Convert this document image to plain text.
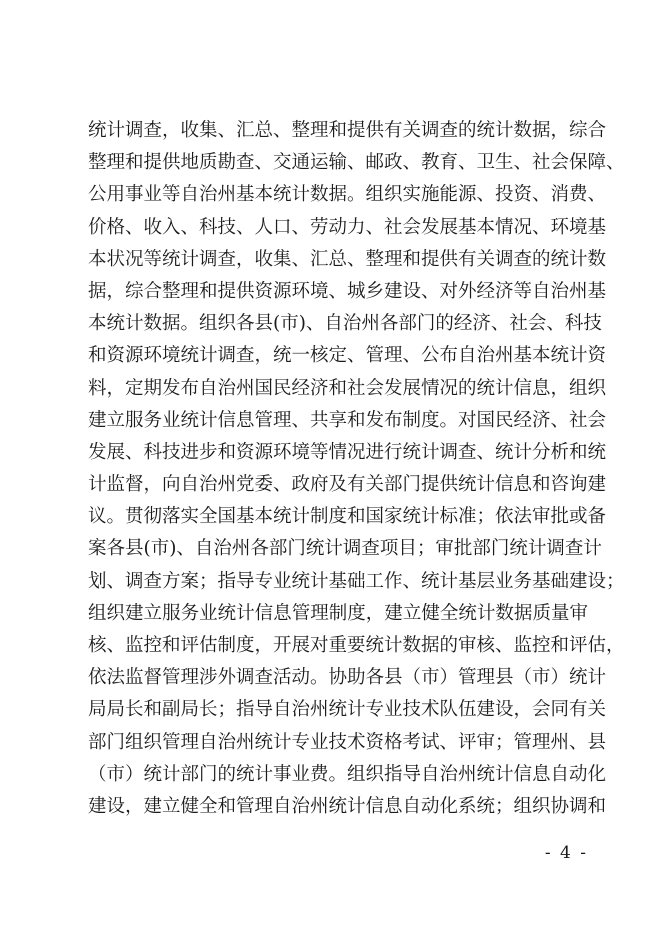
统计调查，收集、汇总、整理和提供有关调查的统计数据，综合
整理和提供地质勘查、交通运输、邮政、教育、卫生、社会保障、
公用事业等自治州基本统计数据。组织实施能源、投资、消费、
价格、收入、科技、人口、劳动力、社会发展基本情况、环境基
本状况等统计调查，收集、汇总、整理和提供有关调查的统计数
据，综合整理和提供资源环境、城乡建设、对外经济等自治州基
本统计数据。组织各县(市)、自治州各部门的经济、社会、科技
和资源环境统计调查，统一核定、管理、公布自治州基本统计资
料，定期发布自治州国民经济和社会发展情况的统计信息，组织
建立服务业统计信息管理、共享和发布制度。对国民经济、社会
发展、科技进步和资源环境等情况进行统计调查、统计分析和统
计监督，向自治州党委、政府及有关部门提供统计信息和咨询建
议。贯彻落实全国基本统计制度和国家统计标准；依法审批或备
案各县(市)、自治州各部门统计调查项目；审批部门统计调查计
划、调查方案；指导专业统计基础工作、统计基层业务基础建设；
组织建立服务业统计信息管理制度，建立健全统计数据质量审
核、监控和评估制度，开展对重要统计数据的审核、监控和评估，
依法监督管理涉外调查活动。协助各县（市）管理县（市）统计
局局长和副局长；指导自治州统计专业技术队伍建设，会同有关
部门组织管理自治州统计专业技术资格考试、评审；管理州、县
（市）统计部门的统计事业费。组织指导自治州统计信息自动化
建设，建立健全和管理自治州统计信息自动化系统；组织协调和
- 4 -
